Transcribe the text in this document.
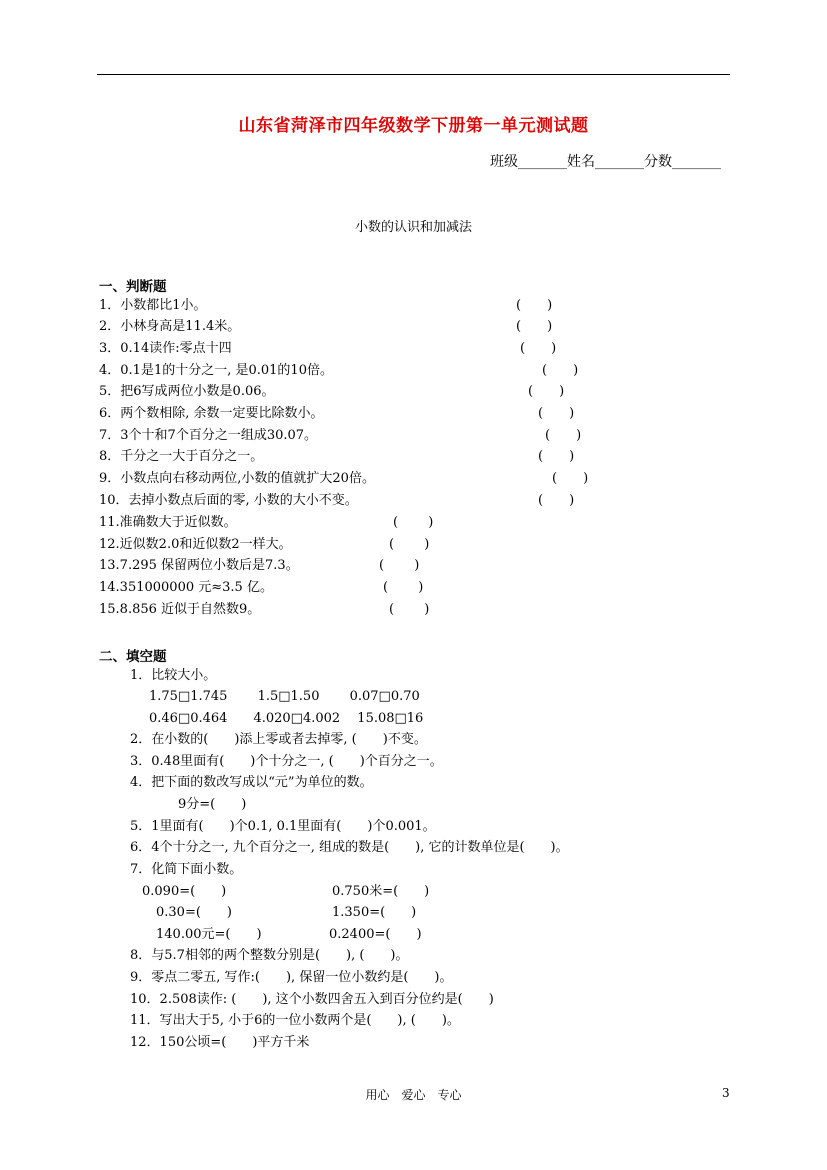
山东省菏泽市四年级数学下册第一单元测试题
班级_______姓名_______分数_______
小数的认识和加减法
一、判断题
1．小数都比1小。	(　　)
2．小林身高是11.4米。	(　　)
3．0.14读作:零点十四	(　　)
4．0.1是1的十分之一, 是0.01的10倍。	(　　)
5．把6写成两位小数是0.06。	(　　)
6．两个数相除, 余数一定要比除数小。	(　　)
7．3个十和7个百分之一组成30.07。	(　　)
8．千分之一大于百分之一。	(　　)
9．小数点向右移动两位,小数的值就扩大20倍。	(　　)
10．去掉小数点后面的零, 小数的大小不变。	(　　)
11.准确数大于近似数。	(　　 )
12.近似数2.0和近似数2一样大。	(　　 )
13.7.295 保留两位小数后是7.3。	(　　 )
14.351000000 元≈3.5 亿。	(　　 )
15.8.856 近似于自然数9。	(　　 )
二、填空题
1．比较大小。
1.75□1.745　　 1.5□1.50　　 0.07□0.70
0.46□0.464　　4.020□4.002　 15.08□16
2．在小数的(　　)添上零或者去掉零, (　　)不变。
3．0.48里面有(　　)个十分之一, (　　)个百分之一。
4．把下面的数改写成以“元”为单位的数。
9分=(　　)
5．1里面有(　　)个0.1, 0.1里面有(　　)个0.001。
6．4个十分之一, 九个百分之一, 组成的数是(　　), 它的计数单位是(　　)。
7．化简下面小数。
0.090=(　　)	0.750米=(　　)
0.30=(　　)	1.350=(　　)
140.00元=(　　)	0.2400=(　　)
8．与5.7相邻的两个整数分别是(　　), (　　)。
9．零点二零五, 写作:(　　), 保留一位小数约是(　　)。
10．2.508读作: (　　), 这个小数四舍五入到百分位约是(　　)
11．写出大于5, 小于6的一位小数两个是(　　), (　　)。
12．150公顷=(　　)平方千米
用心　爱心　专心	3
